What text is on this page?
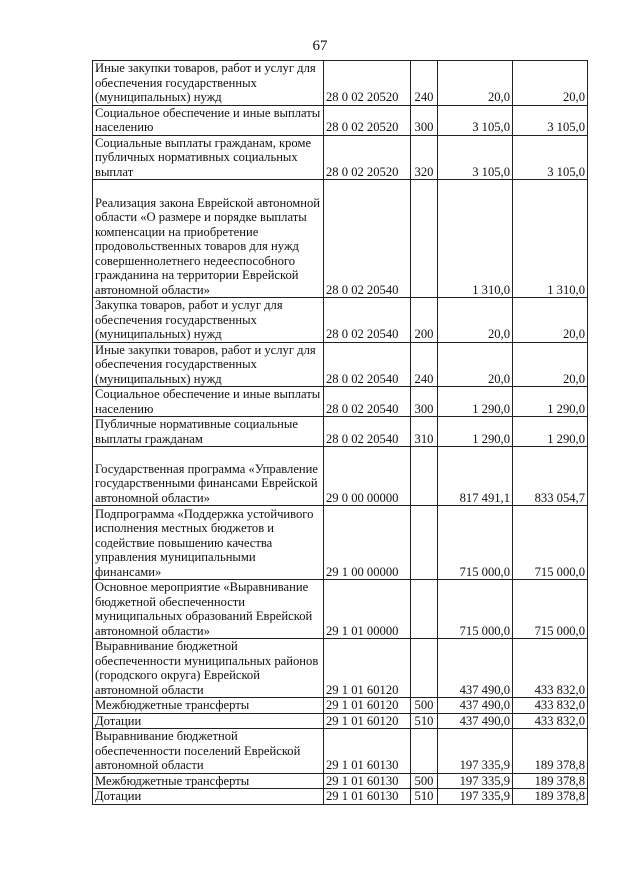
67
Иные закупки товаров, работ и услуг для обеспечения государственных (муниципальных) нужд	28 0 02 20520	240	20,0	20,0
Социальное обеспечение и иные выплаты населению	28 0 02 20520	300	3 105,0	3 105,0
Социальные выплаты гражданам, кроме публичных нормативных социальных выплат	28 0 02 20520	320	3 105,0	3 105,0
Реализация закона Еврейской автономной области «О размере и порядке выплаты компенсации на приобретение продовольственных товаров для нужд совершеннолетнего недееспособного гражданина на территории Еврейской автономной области»	28 0 02 20540		1 310,0	1 310,0
Закупка товаров, работ и услуг для обеспечения государственных (муниципальных) нужд	28 0 02 20540	200	20,0	20,0
Иные закупки товаров, работ и услуг для обеспечения государственных (муниципальных) нужд	28 0 02 20540	240	20,0	20,0
Социальное обеспечение и иные выплаты населению	28 0 02 20540	300	1 290,0	1 290,0
Публичные нормативные социальные выплаты гражданам	28 0 02 20540	310	1 290,0	1 290,0
Государственная программа «Управление государственными финансами Еврейской автономной области»	29 0 00 00000		817 491,1	833 054,7
Подпрограмма «Поддержка устойчивого исполнения местных бюджетов и содействие повышению качества управления муниципальными финансами»	29 1 00 00000		715 000,0	715 000,0
Основное мероприятие «Выравнивание бюджетной обеспеченности муниципальных образований Еврейской автономной области»	29 1 01 00000		715 000,0	715 000,0
Выравнивание бюджетной обеспеченности муниципальных районов (городского округа) Еврейской автономной области	29 1 01 60120		437 490,0	433 832,0
Межбюджетные трансферты	29 1 01 60120	500	437 490,0	433 832,0
Дотации	29 1 01 60120	510	437 490,0	433 832,0
Выравнивание бюджетной обеспеченности поселений Еврейской автономной области	29 1 01 60130		197 335,9	189 378,8
Межбюджетные трансферты	29 1 01 60130	500	197 335,9	189 378,8
Дотации	29 1 01 60130	510	197 335,9	189 378,8
